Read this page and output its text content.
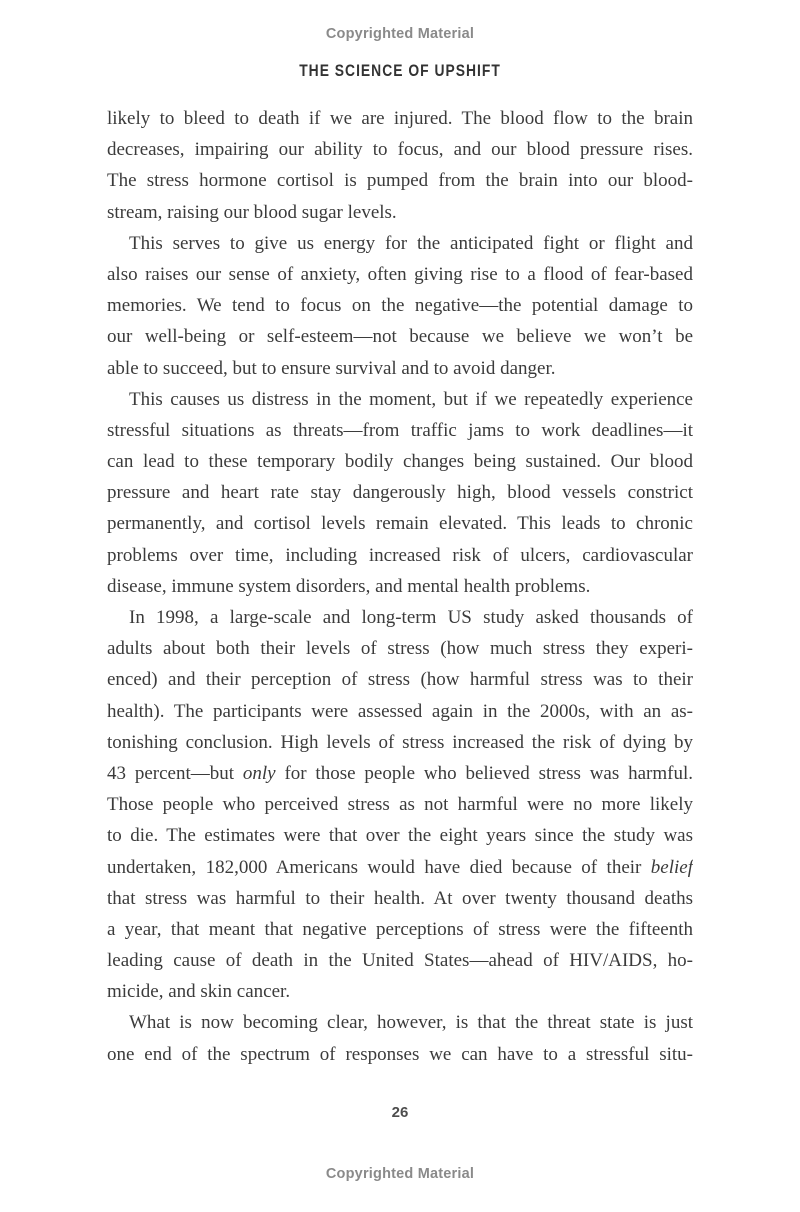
Copyrighted Material
THE SCIENCE OF UPSHIFT
likely to bleed to death if we are injured. The blood flow to the brain
decreases, impairing our ability to focus, and our blood pressure rises.
The stress hormone cortisol is pumped from the brain into our blood-
stream, raising our blood sugar levels.
This serves to give us energy for the anticipated fight or flight and
also raises our sense of anxiety, often giving rise to a flood of fear-based
memories. We tend to focus on the negative—the potential damage to
our well-being or self-esteem—not because we believe we won’t be
able to succeed, but to ensure survival and to avoid danger.
This causes us distress in the moment, but if we repeatedly experience
stressful situations as threats—from traffic jams to work deadlines—it
can lead to these temporary bodily changes being sustained. Our blood
pressure and heart rate stay dangerously high, blood vessels constrict
permanently, and cortisol levels remain elevated. This leads to chronic
problems over time, including increased risk of ulcers, cardiovascular
disease, immune system disorders, and mental health problems.
In 1998, a large-scale and long-term US study asked thousands of
adults about both their levels of stress (how much stress they experi-
enced) and their perception of stress (how harmful stress was to their
health). The participants were assessed again in the 2000s, with an as-
tonishing conclusion. High levels of stress increased the risk of dying by
43 percent—but only for those people who believed stress was harmful.
Those people who perceived stress as not harmful were no more likely
to die. The estimates were that over the eight years since the study was
undertaken, 182,000 Americans would have died because of their belief
that stress was harmful to their health. At over twenty thousand deaths
a year, that meant that negative perceptions of stress were the fifteenth
leading cause of death in the United States—ahead of HIV/AIDS, ho-
micide, and skin cancer.
What is now becoming clear, however, is that the threat state is just
one end of the spectrum of responses we can have to a stressful situ-
26
Copyrighted Material
